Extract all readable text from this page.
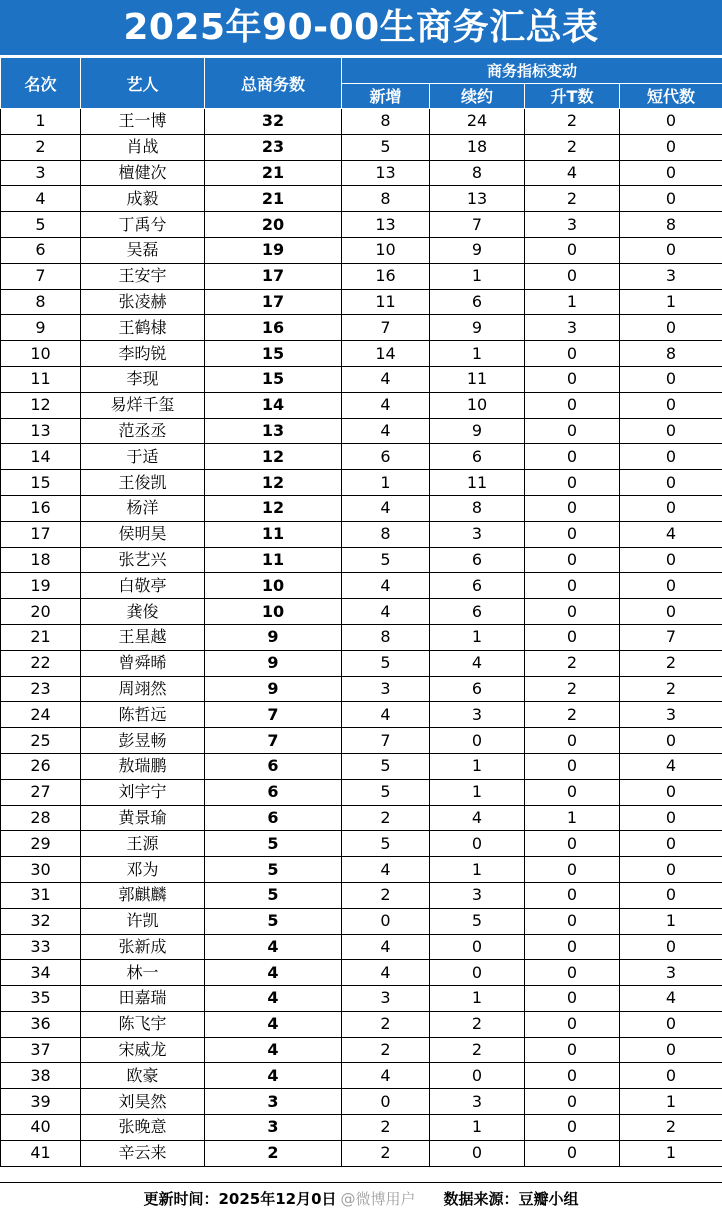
2025年90-00生商务汇总表
名次	艺人	总商务数	商务指标变动			
			新增	续约	升T数	短代数
1	王一博	32	8	24	2	0
2	肖战	23	5	18	2	0
3	檀健次	21	13	8	4	0
4	成毅	21	8	13	2	0
5	丁禹兮	20	13	7	3	8
6	吴磊	19	10	9	0	0
7	王安宇	17	16	1	0	3
8	张凌赫	17	11	6	1	1
9	王鹤棣	16	7	9	3	0
10	李昀锐	15	14	1	0	8
11	李现	15	4	11	0	0
12	易烊千玺	14	4	10	0	0
13	范丞丞	13	4	9	0	0
14	于适	12	6	6	0	0
15	王俊凯	12	1	11	0	0
16	杨洋	12	4	8	0	0
17	侯明昊	11	8	3	0	4
18	张艺兴	11	5	6	0	0
19	白敬亭	10	4	6	0	0
20	龚俊	10	4	6	0	0
21	王星越	9	8	1	0	7
22	曾舜晞	9	5	4	2	2
23	周翊然	9	3	6	2	2
24	陈哲远	7	4	3	2	3
25	彭昱畅	7	7	0	0	0
26	敖瑞鹏	6	5	1	0	4
27	刘宇宁	6	5	1	0	0
28	黄景瑜	6	2	4	1	0
29	王源	5	5	0	0	0
30	邓为	5	4	1	0	0
31	郭麒麟	5	2	3	0	0
32	许凯	5	0	5	0	1
33	张新成	4	4	0	0	0
34	林一	4	4	0	0	3
35	田嘉瑞	4	3	1	0	4
36	陈飞宇	4	2	2	0	0
37	宋威龙	4	2	2	0	0
38	欧豪	4	4	0	0	0
39	刘昊然	3	0	3	0	1
40	张晚意	3	2	1	0	2
41	辛云来	2	2	0	0	1
更新时间：2025年12月0日 @微博用户 数据来源：豆瓣小组
